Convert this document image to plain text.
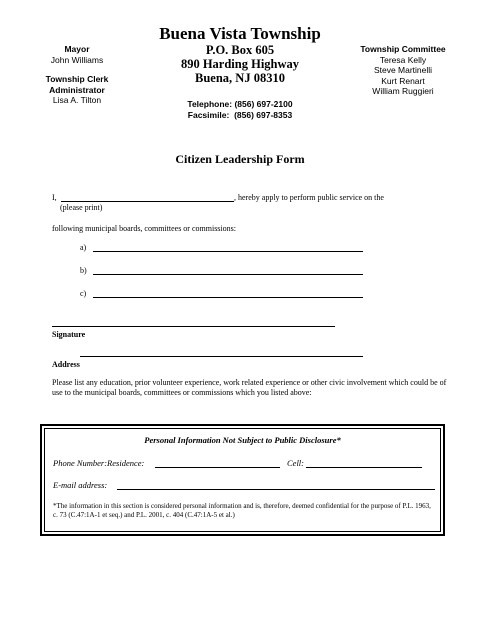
Mayor
John Williams
Township Clerk
Administrator
Lisa A. Tilton
Buena Vista Township
P.O. Box 605
890 Harding Highway
Buena, NJ 08310
Telephone: (856) 697-2100
Facsimile:  (856) 697-8353
Township Committee
Teresa Kelly
Steve Martinelli
Kurt Renart
William Ruggieri
Citizen Leadership Form
I,	, hereby apply to perform public service on the
(please print)
following municipal boards, committees or commissions:
a)
b)
c)
Signature
Address
Please list any education, prior volunteer experience, work related experience or other civic involvement which could be of use to the municipal boards, committees or commissions which you listed above:
Personal Information Not Subject to Public Disclosure*
Phone Number:Residence:	Cell:
E-mail address:
*The information in this section is considered personal information and is, therefore, deemed confidential for the purpose of P.L. 1963, c. 73 (C.47:1A-1 et seq.) and P.L. 2001, c. 404 (C.47:1A-5 et al.)
